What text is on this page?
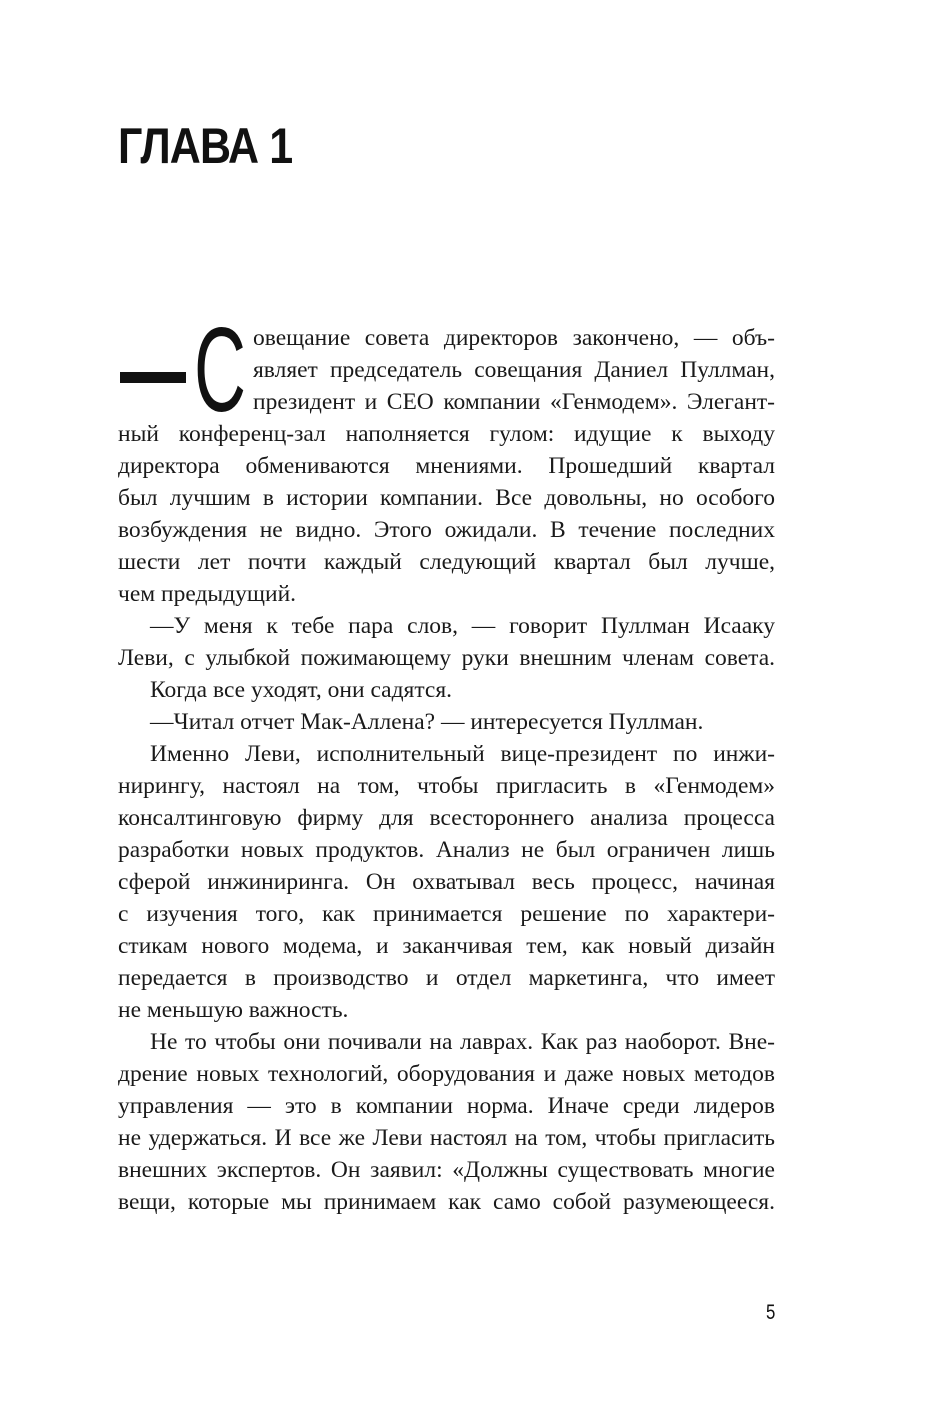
ГЛАВА 1
С овещание совета директоров закончено, — объ-
являет председатель совещания Даниел Пуллман,
президент и CEO компании «Генмодем». Элегант-
ный конференц-зал наполняется гулом: идущие к выходу
директора обмениваются мнениями. Прошедший квартал
был лучшим в истории компании. Все довольны, но особого
возбуждения не видно. Этого ожидали. В течение последних
шести лет почти каждый следующий квартал был лучше,
чем предыдущий.
—У меня к тебе пара слов, — говорит Пуллман Исааку
Леви, с улыбкой пожимающему руки внешним членам совета.
Когда все уходят, они садятся.
—Читал отчет Мак-Аллена? — интересуется Пуллман.
Именно Леви, исполнительный вице-президент по инжи-
нирингу, настоял на том, чтобы пригласить в «Генмодем»
консалтинговую фирму для всестороннего анализа процесса
разработки новых продуктов. Анализ не был ограничен лишь
сферой инжиниринга. Он охватывал весь процесс, начиная
с изучения того, как принимается решение по характери-
стикам нового модема, и заканчивая тем, как новый дизайн
передается в производство и отдел маркетинга, что имеет
не меньшую важность.
Не то чтобы они почивали на лаврах. Как раз наоборот. Вне-
дрение новых технологий, оборудования и даже новых методов
управления — это в компании норма. Иначе среди лидеров
не удержаться. И все же Леви настоял на том, чтобы пригласить
внешних экспертов. Он заявил: «Должны существовать многие
вещи, которые мы принимаем как само собой разумеющееся.
5
